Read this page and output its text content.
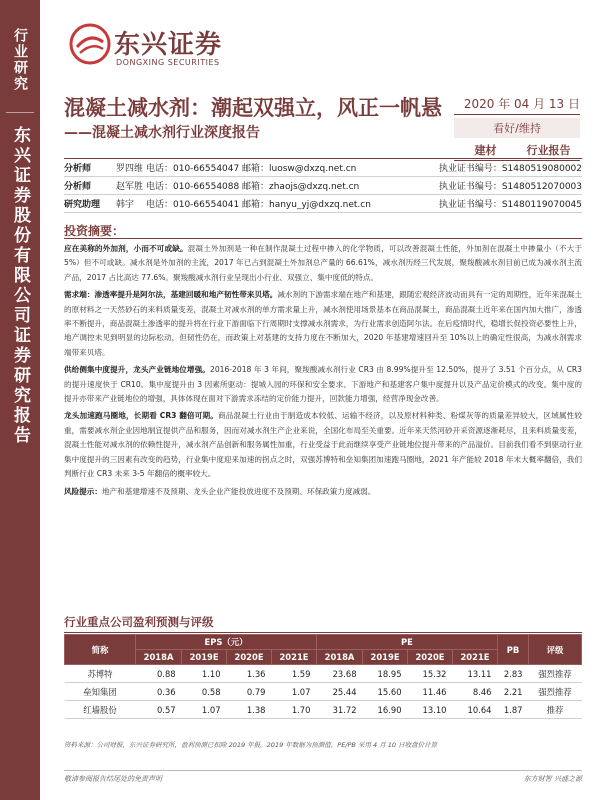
行业研究
东兴证券股份有限公司证券研究报告
东兴证券
DONGXING SECURITIES
混凝土减水剂：潮起双强立，风正一帆悬
——混凝土减水剂行业深度报告
2020 年 04 月 13 日
看好/维持
建材	行业报告
分析师	罗四维 电话：010-66554047 邮箱：luosw@dxzq.net.cn	执业证书编号：S1480519080002
分析师	赵军胜 电话：010-66554088 邮箱：zhaojs@dxzq.net.cn	执业证书编号：S1480512070003
研究助理	韩宇	电话：010-66554041 邮箱：hanyu_yj@dxzq.net.cn	执业证书编号：S1480119070045
投资摘要：

应在美称的外加剂，小而不可或缺。混凝土外加剂是一种在制作混凝土过程中掺入的化学物质，可以改善混凝土性能，外加剂在混凝土中掺量小（不大于 5%）但不可或缺。减水剂是外加剂的主流，2017 年已占到混凝土外加剂总产量的 66.61%，减水剂历经三代发展，聚羧酸减水剂目前已成为减水剂主流产品，2017 占比高达 77.6%。聚羧酸减水剂行业呈现出小行业、双强立、集中度低的特点。

需求端：渗透率提升是阿尔法，基建回暖和地产韧性带来贝塔。减水剂的下游需求端在地产和基建，跟随宏观经济波动而具有一定的周期性，近年来混凝土的原材料之一天然砂石的来料质量变差，混凝土对减水剂的单方需求量上升，减水剂使用场景基本在商品混凝土，商品混凝土近年来在国内加大推广，渗透率不断提升，商品混凝土渗透率的提升将在行业下游面临下行周期时支撑减水剂需求，为行业需求创造阿尔法。在后疫情时代，稳增长促投资必要性上升，地产调控未见到明显的边际松动，但韧性仍在，而政策上对基建的支持力度在不断加大，2020 年基建增速回升至 10%以上的确定性很高，为减水剂需求端带来贝塔。

供给侧集中度提升，龙头产业链地位增强。2016-2018 年 3 年间，聚羧酸减水剂行业 CR3 由 8.99%提升至 12.50%，提升了 3.51 个百分点，从 CR3 的提升速度快于 CR10。集中度提升由 3 因素所驱动：提城入园的环保和安全要求、下游地产和基建客户集中度提升以及产品定价模式的改变。集中度的提升亦带来产业链地位的增强，具体体现在面对下游需求冻结的定价能力提升，回款能力增强，经营净现金改善。

龙头加速跑马圈地，长期看 CR3 翻倍可期。商品混凝土行业由于制造成本较低、运输不经济，以及原材料种类、粉煤灰等的质量差异较大，区域属性较重，需要减水剂企业因地制宜提供产品和服务，因而对减水剂生产企业来说，全国化布局至关重要。近年来天然河砂开采资源逐渐耗尽，且来料质量变差，混凝土性能对减水剂的依赖性提升，减水剂产品创新和服务属性加重，行业受益于此而继续享受产业链地位提升带来的产品溢价。目前我们看不到驱动行业集中度提升的三因素有改变的趋势，行业集中度迎来加速的拐点之时，双强苏博特和垒知集团加速跑马圈地，2021 年产能较 2018 年末大概率翻倍，我们判断行业 CR3 未来 3-5 年翻倍的概率较大。

风险提示：地产和基建增速不及预期、龙头企业产能投放进度不及预期、环保政策力度减弱。

行业重点公司盈利预测与评级
简称	EPS（元）				PE				PB	评级
	2018A	2019E	2020E	2021E	2018A	2019E	2020E	2021E		
苏博特	0.88	1.10	1.36	1.59	23.68	18.95	15.32	13.11	2.83	强烈推荐
垒知集团	0.36	0.58	0.79	1.07	25.44	15.60	11.46	8.46	2.21	强烈推荐
红墙股份	0.57	1.07	1.38	1.70	31.72	16.90	13.10	10.64	1.87	推荐
资料来源：公司财报，东兴证券研究所，盈利预测已扣除 2019 年报。2019 年数据为预测值，PE/PB 采用 4 月 10 日收盘价计算
敬请参阅报告结尾处的免责声明	东方财智 兴盛之源
